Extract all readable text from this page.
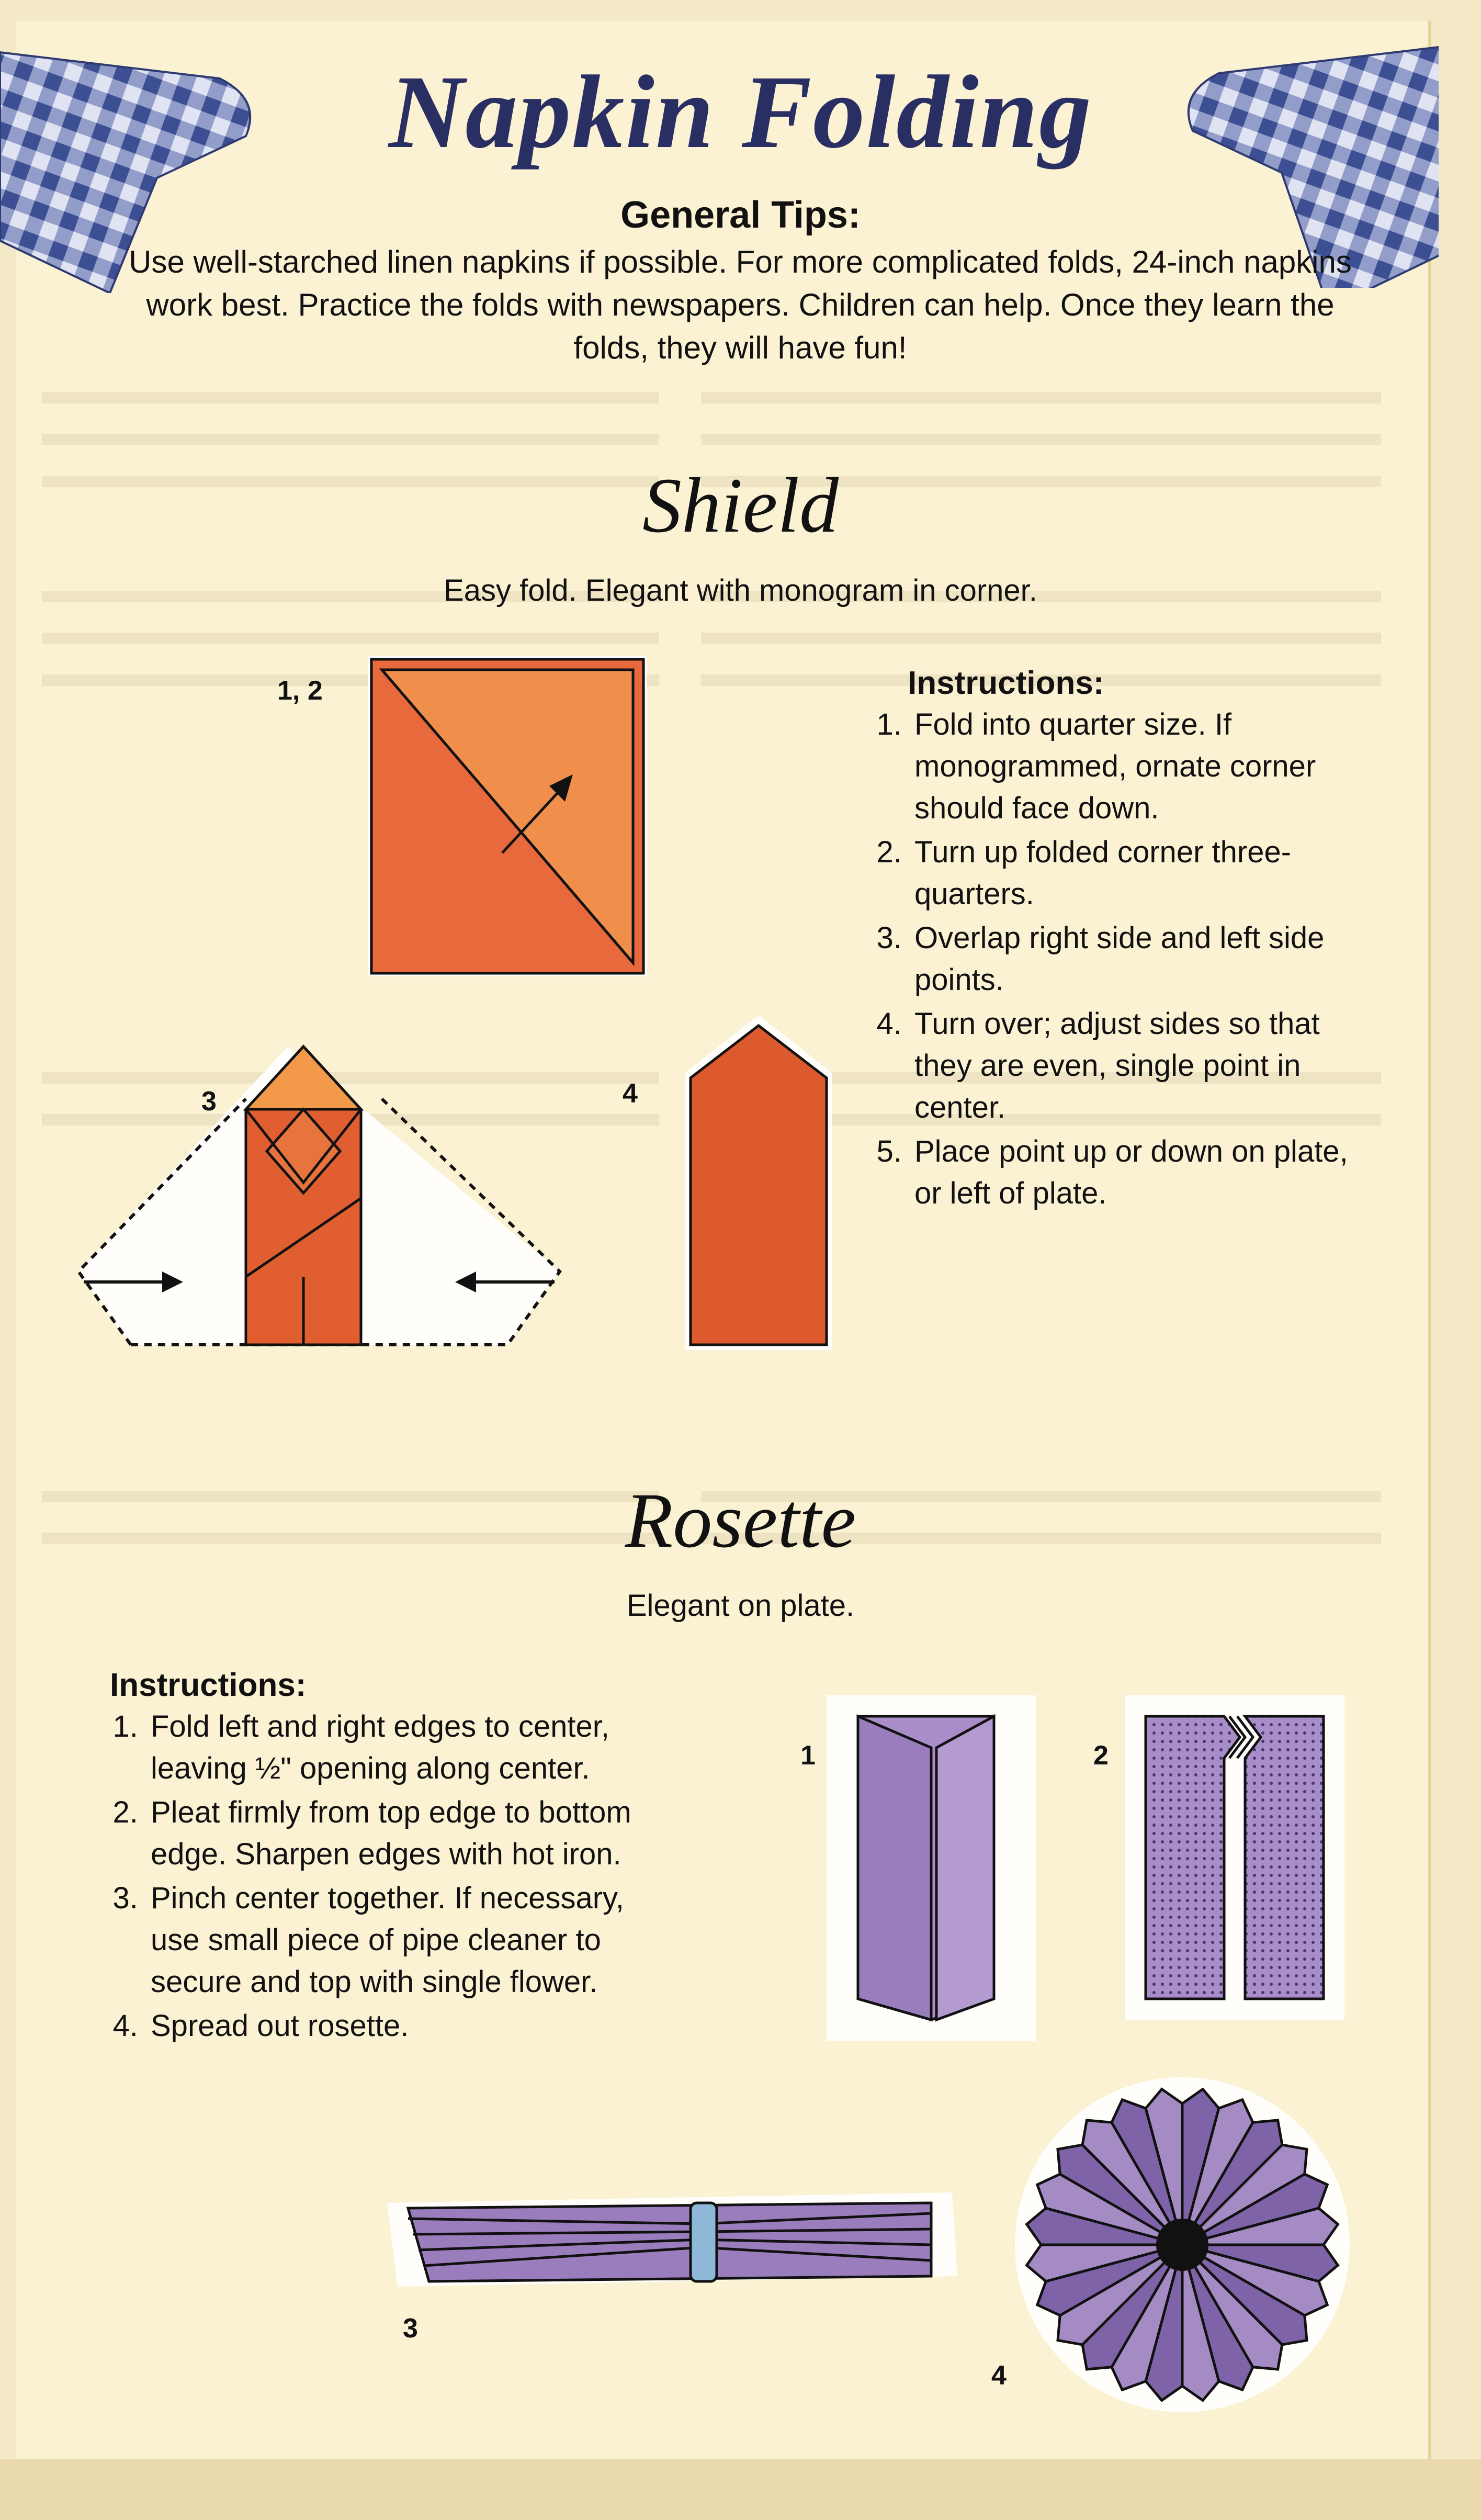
Napkin Folding
General Tips:
Use well-starched linen napkins if possible. For more complicated folds, 24-inch napkins work best. Practice the folds with newspapers. Children can help. Once they learn the folds, they will have fun!
Shield
Easy fold. Elegant with monogram in corner.
1, 2	Instructions:
1. Fold into quarter size. If monogrammed, ornate corner should face down.
2. Turn up folded corner three-quarters.
3. Overlap right side and left side points.
4. Turn over; adjust sides so that they are even, single point in center.
5. Place point up or down on plate, or left of plate.
3	4
Rosette
Elegant on plate.
Instructions:
1. Fold left and right edges to center, leaving ½" opening along center.
2. Pleat firmly from top edge to bottom edge. Sharpen edges with hot iron.
3. Pinch center together. If necessary, use small piece of pipe cleaner to secure and top with single flower.
4. Spread out rosette.
1	2
3
4
